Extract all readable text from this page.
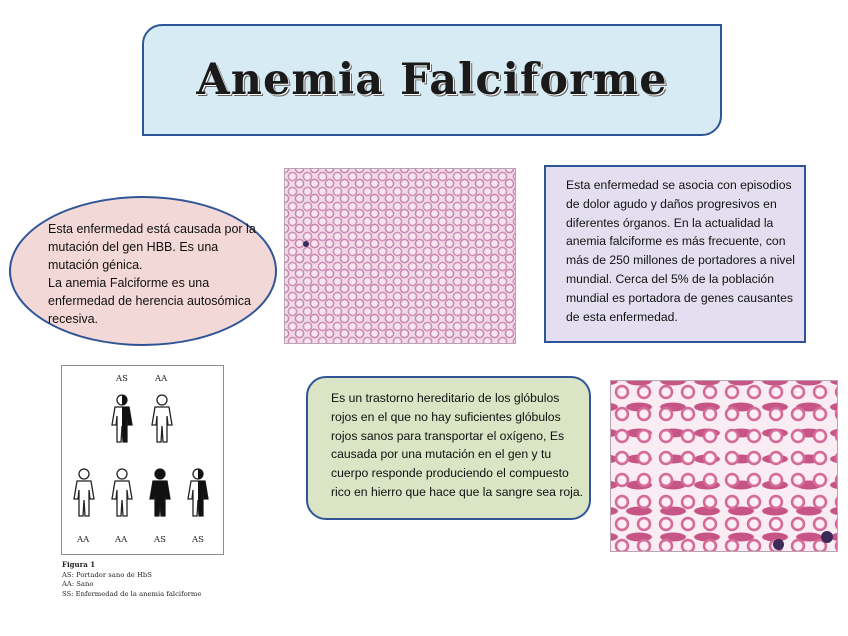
Anemia Falciforme
Esta enfermedad está causada por la mutación del gen HBB. Es una mutación génica.
La anemia Falciforme es una enfermedad de herencia autosómica recesiva.
Esta enfermedad se asocia con episodios de dolor agudo y daños progresivos en diferentes órganos. En la actualidad la anemia falciforme es más frecuente, con más de 250 millones de portadores a nivel mundial. Cerca del 5% de la población mundial es portadora de genes causantes de esta enfermedad.
AS	AA
AA	AA	AS	AS
Figura 1
AS: Portador sano de HbS
AA: Sano
SS: Enfermedad de la anemia falciforme
Es un trastorno hereditario de los glóbulos rojos en el que no hay suficientes glóbulos rojos sanos para transportar el oxígeno, Es causada por una mutación en el gen y tu cuerpo responde produciendo el compuesto rico en hierro que hace que la sangre sea roja.
